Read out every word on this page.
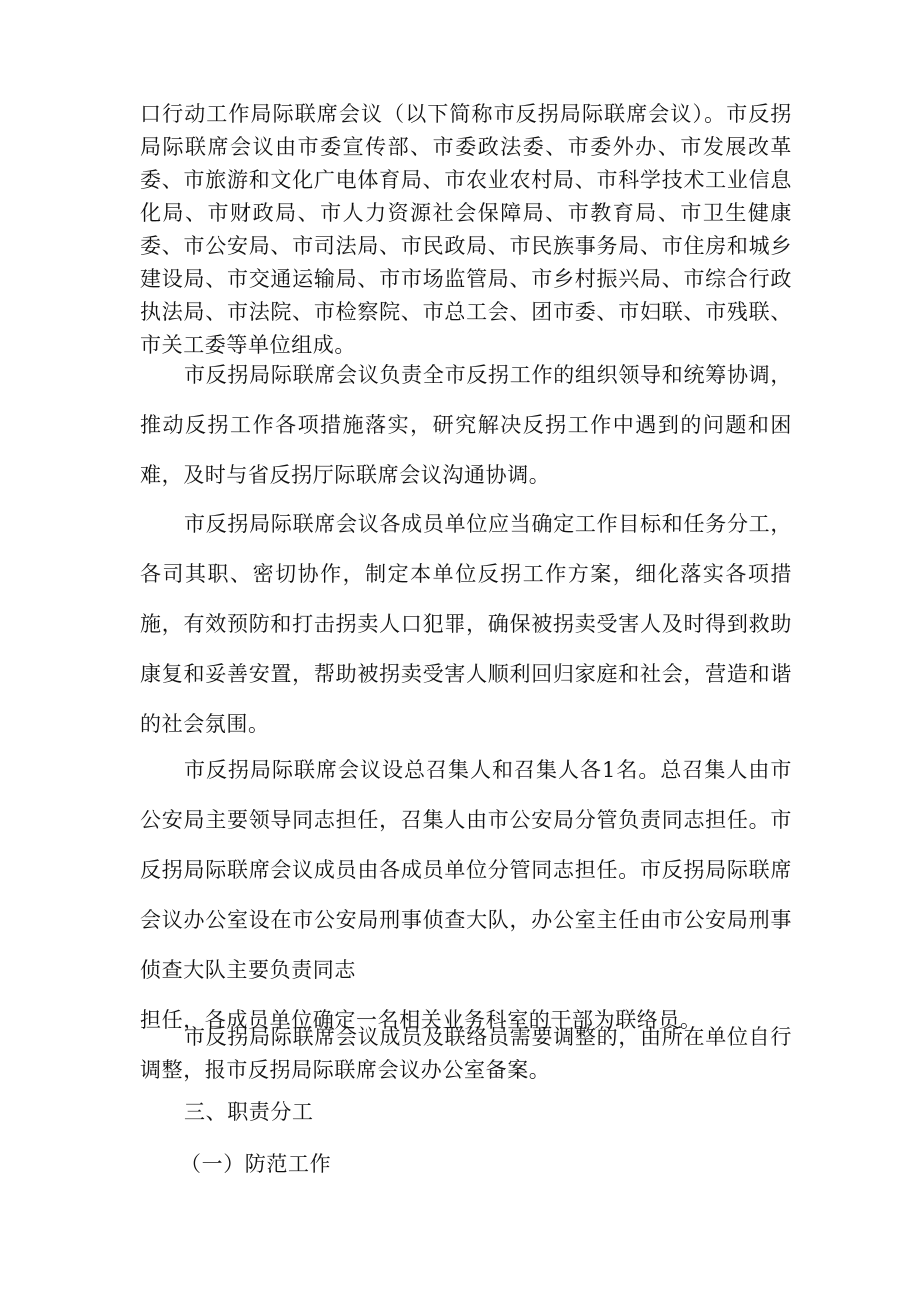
口行动工作局际联席会议（以下简称市反拐局际联席会议）。市反拐局际联席会议由市委宣传部、市委政法委、市委外办、市发展改革委、市旅游和文化广电体育局、市农业农村局、市科学技术工业信息化局、市财政局、市人力资源社会保障局、市教育局、市卫生健康委、市公安局、市司法局、市民政局、市民族事务局、市住房和城乡建设局、市交通运输局、市市场监管局、市乡村振兴局、市综合行政执法局、市法院、市检察院、市总工会、团市委、市妇联、市残联、市关工委等单位组成。

市反拐局际联席会议负责全市反拐工作的组织领导和统筹协调，推动反拐工作各项措施落实，研究解决反拐工作中遇到的问题和困难，及时与省反拐厅际联席会议沟通协调。

市反拐局际联席会议各成员单位应当确定工作目标和任务分工，各司其职、密切协作，制定本单位反拐工作方案，细化落实各项措施，有效预防和打击拐卖人口犯罪，确保被拐卖受害人及时得到救助康复和妥善安置，帮助被拐卖受害人顺利回归家庭和社会，营造和谐的社会氛围。

市反拐局际联席会议设总召集人和召集人各1名。总召集人由市公安局主要领导同志担任，召集人由市公安局分管负责同志担任。市反拐局际联席会议成员由各成员单位分管同志担任。市反拐局际联席会议办公室设在市公安局刑事侦查大队，办公室主任由市公安局刑事侦查大队主要负责同志
担任，各成员单位确定一名相关业务科室的干部为联络员。

市反拐局际联席会议成员及联络员需要调整的，由所在单位自行调整，报市反拐局际联席会议办公室备案。

三、职责分工

（一）防范工作
